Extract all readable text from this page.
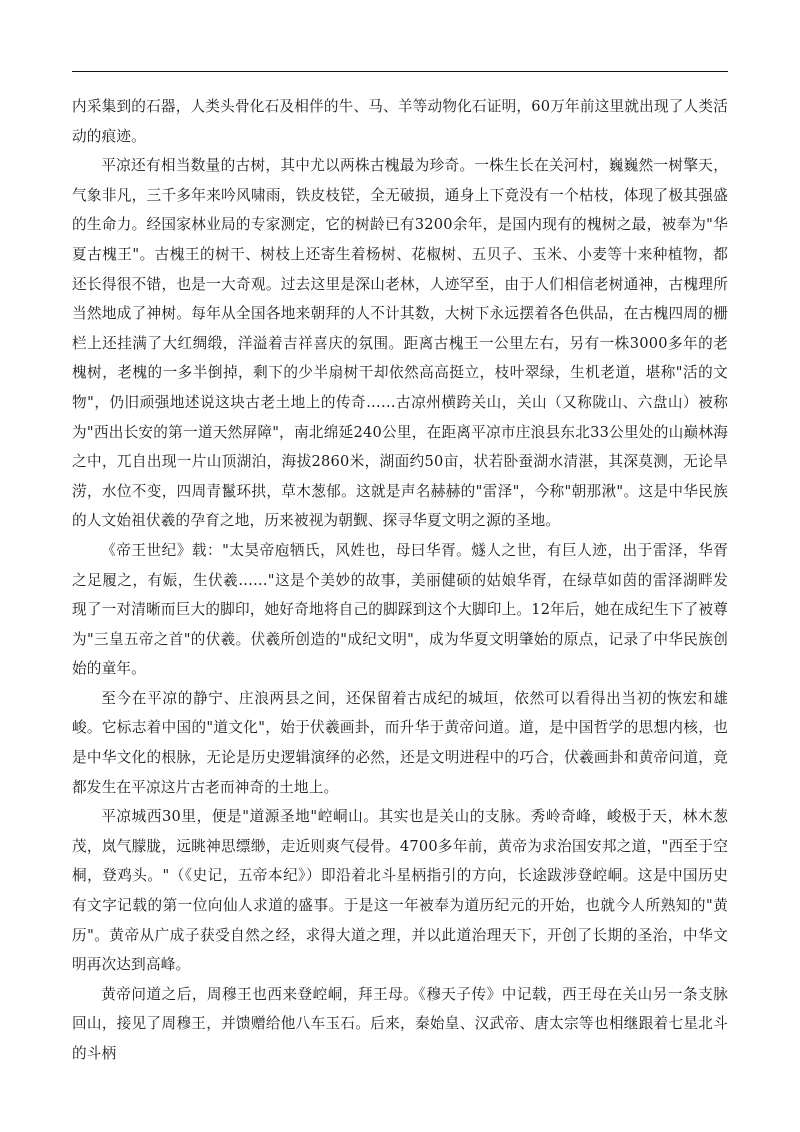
内采集到的石器，人类头骨化石及相伴的牛、马、羊等动物化石证明，60万年前这里就出现了人类活动的痕迹。

平凉还有相当数量的古树，其中尤以两株古槐最为珍奇。一株生长在关河村，巍巍然一树擎天，气象非凡，三千多年来吟风啸雨，铁皮枝铓，全无破损，通身上下竟没有一个枯枝，体现了极其强盛的生命力。经国家林业局的专家测定，它的树龄已有3200余年，是国内现有的槐树之最，被奉为"华夏古槐王"。古槐王的树干、树枝上还寄生着杨树、花椒树、五贝子、玉米、小麦等十来种植物，都还长得很不错，也是一大奇观。过去这里是深山老林，人迹罕至，由于人们相信老树通神，古槐理所当然地成了神树。每年从全国各地来朝拜的人不计其数，大树下永远摆着各色供品，在古槐四周的栅栏上还挂满了大红绸缎，洋溢着吉祥喜庆的氛围。距离古槐王一公里左右，另有一株3000多年的老槐树，老槐的一多半倒掉，剩下的少半扇树干却依然高高挺立，枝叶翠绿，生机老道，堪称"活的文物"，仍旧顽强地述说这块古老土地上的传奇……古凉州横跨关山，关山（又称陇山、六盘山）被称为"西出长安的第一道天然屏障"，南北绵延240公里，在距离平凉市庄浪县东北33公里处的山巅林海之中，兀自出现一片山顶湖泊，海拔2860米，湖面约50亩，状若卧蚕湖水清湛，其深莫测，无论旱涝，水位不变，四周青鬣环拱，草木葱郁。这就是声名赫赫的"雷泽"，今称"朝那湫"。这是中华民族的人文始祖伏羲的孕育之地，历来被视为朝觐、探寻华夏文明之源的圣地。

《帝王世纪》载："太昊帝庖牺氏，风姓也，母曰华胥。燧人之世，有巨人迹，出于雷泽，华胥之足履之，有娠，生伏羲……"这是个美妙的故事，美丽健硕的姑娘华胥，在绿草如茵的雷泽湖畔发现了一对清晰而巨大的脚印，她好奇地将自己的脚踩到这个大脚印上。12年后，她在成纪生下了被尊为"三皇五帝之首"的伏羲。伏羲所创造的"成纪文明"，成为华夏文明肇始的原点，记录了中华民族创始的童年。

至今在平凉的静宁、庄浪两县之间，还保留着古成纪的城垣，依然可以看得出当初的恢宏和雄峻。它标志着中国的"道文化"，始于伏羲画卦，而升华于黄帝问道。道，是中国哲学的思想内核，也是中华文化的根脉，无论是历史逻辑演绎的必然，还是文明进程中的巧合，伏羲画卦和黄帝问道，竟都发生在平凉这片古老而神奇的土地上。

平凉城西30里，便是"道源圣地"崆峒山。其实也是关山的支脉。秀岭奇峰，峻极于天，林木葱茂，岚气朦胧，远眺神思缥缈，走近则爽气侵骨。4700多年前，黄帝为求治国安邦之道，"西至于空桐，登鸡头。"（《史记，五帝本纪》）即沿着北斗星柄指引的方向，长途跋涉登崆峒。这是中国历史有文字记载的第一位向仙人求道的盛事。于是这一年被奉为道历纪元的开始，也就今人所熟知的"黄历"。黄帝从广成子获受自然之经，求得大道之理，并以此道治理天下，开创了长期的圣治，中华文明再次达到高峰。

黄帝问道之后，周穆王也西来登崆峒，拜王母。《穆天子传》中记载，西王母在关山另一条支脉回山，接见了周穆王，并馈赠给他八车玉石。后来，秦始皇、汉武帝、唐太宗等也相继跟着七星北斗的斗柄
